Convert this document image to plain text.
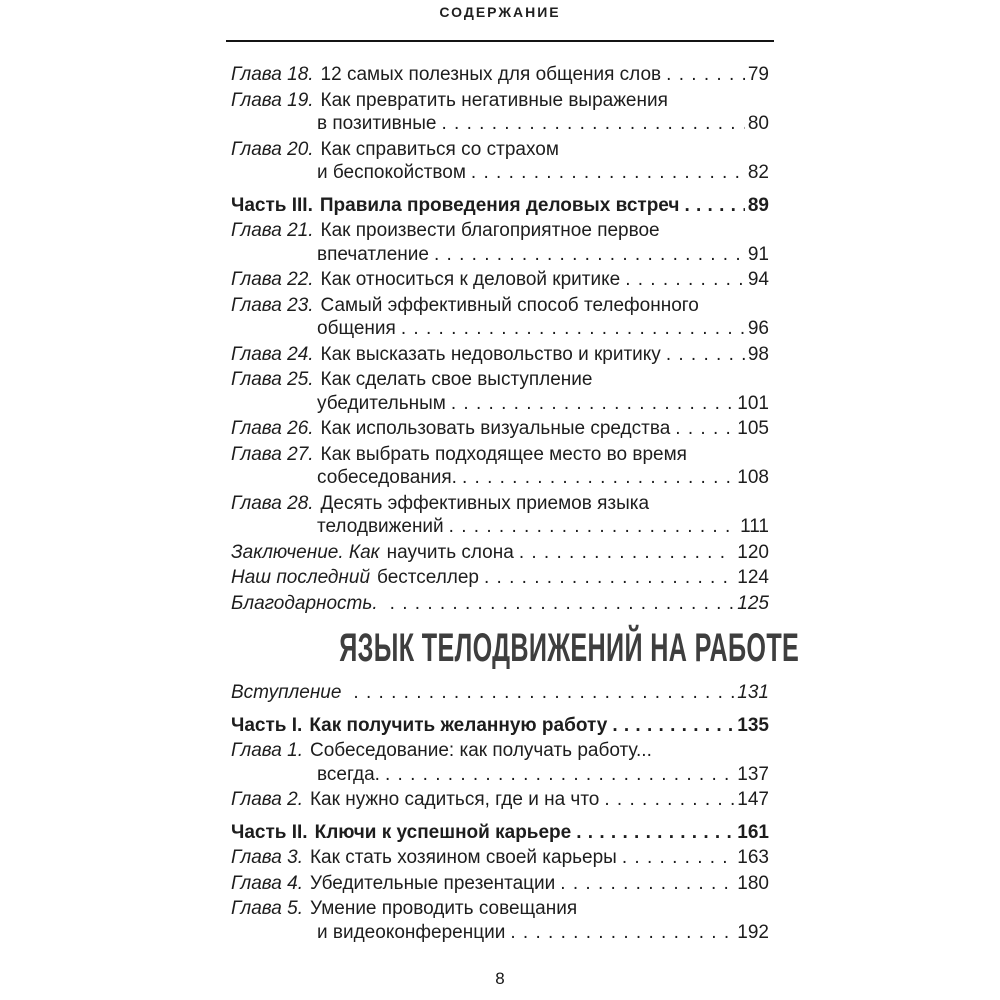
СОДЕРЖАНИЕ
Глава 18. 12 самых полезных для общения слов . . .	79
Глава 19. Как превратить негативные выражения
в позитивные . . .	80
Глава 20. Как справиться со страхом
и беспокойством . . .	82
Часть III. Правила проведения деловых встреч . . .	89
Глава 21. Как произвести благоприятное первое
впечатление . . .	91
Глава 22. Как относиться к деловой критике . . .	94
Глава 23. Самый эффективный способ телефонного
общения . . .	96
Глава 24. Как высказать недовольство и критику . . .	98
Глава 25. Как сделать свое выступление
убедительным . . .	101
Глава 26. Как использовать визуальные средства . . .	105
Глава 27. Как выбрать подходящее место во время
собеседования. . . .	108
Глава 28. Десять эффективных приемов языка
телодвижений . . .	111
Заключение. Как научить слона . . .	120
Наш последний бестселлер . . .	124
Благодарность. . . .	125
ЯЗЫК ТЕЛОДВИЖЕНИЙ НА РАБОТЕ
Вступление . . .	131
Часть I. Как получить желанную работу . . .	135
Глава 1. Собеседование: как получать работу...
всегда. . . .	137
Глава 2. Как нужно садиться, где и на что . . .	147
Часть II. Ключи к успешной карьере . . .	161
Глава 3. Как стать хозяином своей карьеры . . .	163
Глава 4. Убедительные презентации . . .	180
Глава 5. Умение проводить совещания
и видеоконференции . . .	192
8
